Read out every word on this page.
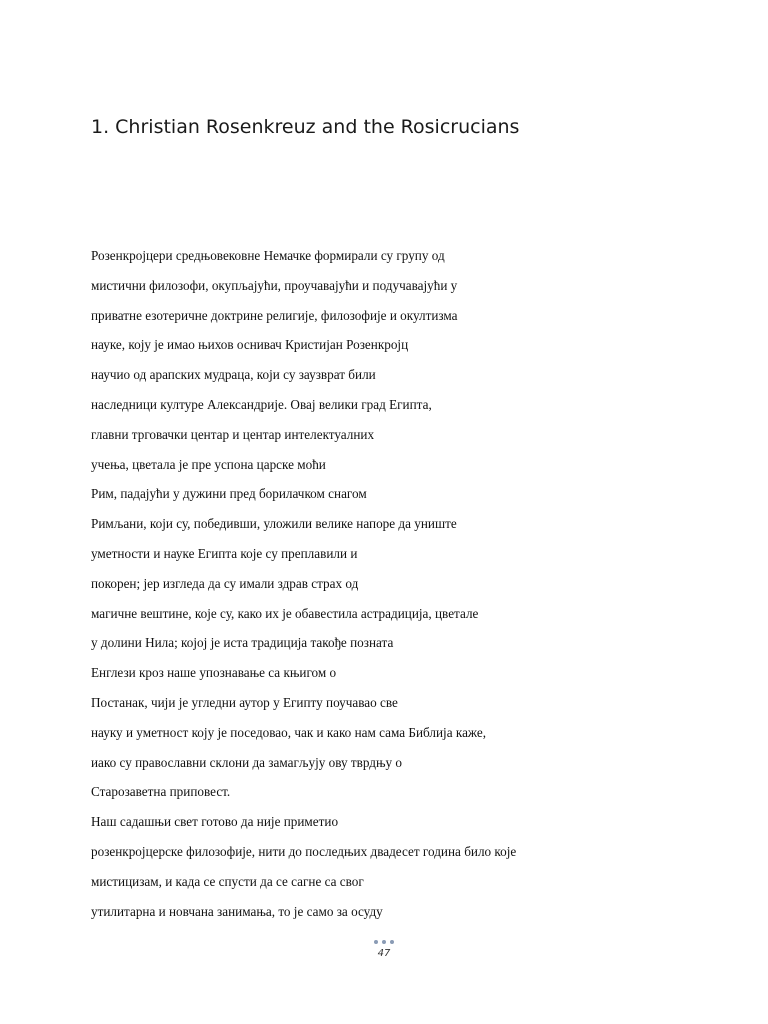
1. Christian Rosenkreuz and the Rosicrucians
Розенкројцери средњовековне Немачке формирали су групу од
мистични филозофи, окупљајући, проучавајући и подучавајући у
приватне езотеричне доктрине религије, филозофије и окултизма
науке, коју је имао њихов оснивач Кристијан Розенкројц
научио од арапских мудраца, који су заузврат били
наследници културе Александрије. Овај велики град Египта,
главни трговачки центар и центар интелектуалних
учења, цветала је пре успона царске моћи
Рим, падајући у дужини пред борилачком снагом
Римљани, који су, победивши, уложили велике напоре да униште
уметности и науке Египта које су преплавили и
покорен; јер изгледа да су имали здрав страх од
магичне вештине, које су, како их је обавестила астрадиција, цветале
у долини Нила; којој је иста традиција такође позната
Енглези кроз наше упознавање са књигом о
Постанак, чији је угледни аутор у Египту поучавао све
науку и уметност коју је поседовао, чак и како нам сама Библија каже,
иако су православни склони да замагљују ову тврдњу о
Старозаветна приповест.
Наш садашњи свет готово да није приметио
розенкројцерске филозофије, нити до последњих двадесет година било које
мистицизам, и када се спусти да се сагне са свог
утилитарна и новчана занимања, то је само за осуду
47
